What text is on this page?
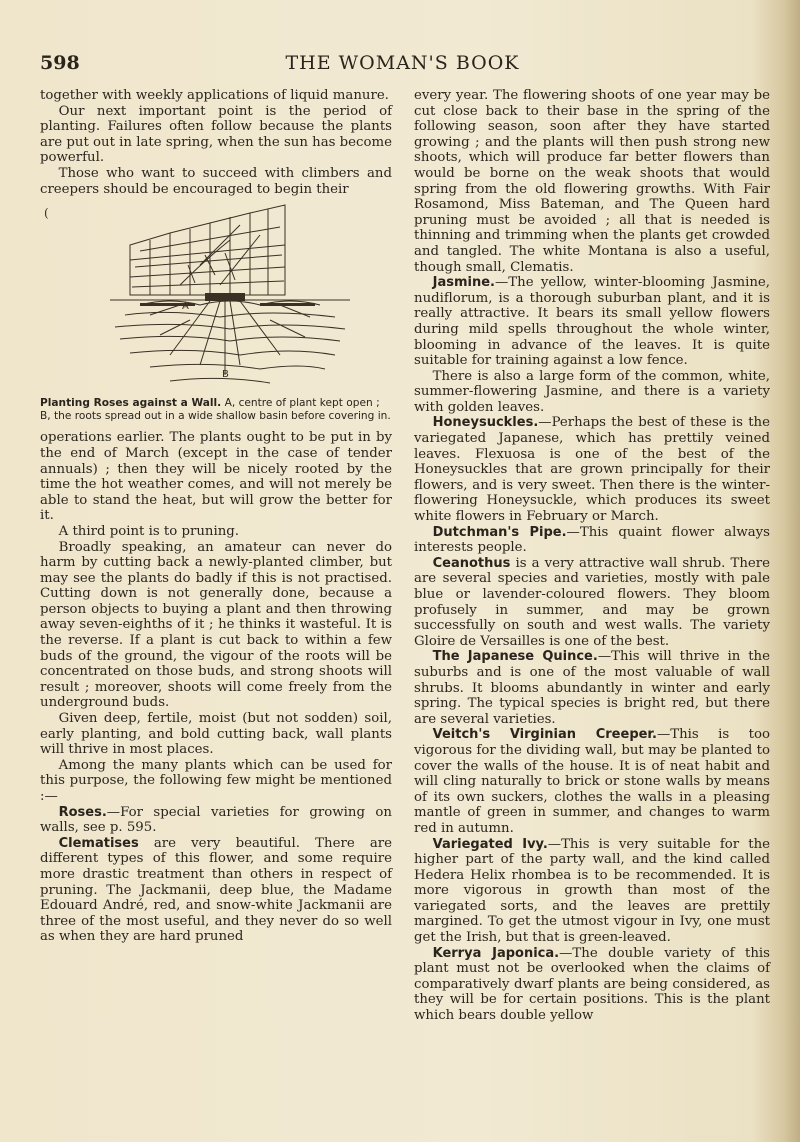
598	THE WOMAN'S BOOK

together with weekly applications of liquid manure.

Our next important point is the period of planting. Failures often follow because the plants are put out in late spring, when the sun has become powerful.

Those who want to succeed with climbers and creepers should be encouraged to begin their

(
B
A
Planting Roses against a Wall. A, centre of plant kept open ; B, the roots spread out in a wide shallow basin before covering in.

operations earlier. The plants ought to be put in by the end of March (except in the case of tender annuals) ; then they will be nicely rooted by the time the hot weather comes, and will not merely be able to stand the heat, but will grow the better for it.

A third point is to pruning.

Broadly speaking, an amateur can never do harm by cutting back a newly-planted climber, but may see the plants do badly if this is not practised. Cutting down is not generally done, because a person objects to buying a plant and then throwing away seven-eighths of it ; he thinks it wasteful. It is the reverse. If a plant is cut back to within a few buds of the ground, the vigour of the roots will be concentrated on those buds, and strong shoots will result ; moreover, shoots will come freely from the underground buds.

Given deep, fertile, moist (but not sodden) soil, early planting, and bold cutting back, wall plants will thrive in most places.

Among the many plants which can be used for this purpose, the following few might be mentioned :—

Roses.—For special varieties for growing on walls, see p. 595.

Clematises are very beautiful. There are different types of this flower, and some require more drastic treatment than others in respect of pruning. The Jackmanii, deep blue, the Madame Edouard André, red, and snow-white Jackmanii are three of the most useful, and they never do so well as when they are hard pruned

every year. The flowering shoots of one year may be cut close back to their base in the spring of the following season, soon after they have started growing ; and the plants will then push strong new shoots, which will produce far better flowers than would be borne on the weak shoots that would spring from the old flowering growths. With Fair Rosamond, Miss Bateman, and The Queen hard pruning must be avoided ; all that is needed is thinning and trimming when the plants get crowded and tangled. The white Montana is also a useful, though small, Clematis.

Jasmine.—The yellow, winter-blooming Jasmine, nudiflorum, is a thorough suburban plant, and it is really attractive. It bears its small yellow flowers during mild spells throughout the whole winter, blooming in advance of the leaves. It is quite suitable for training against a low fence.

There is also a large form of the common, white, summer-flowering Jasmine, and there is a variety with golden leaves.

Honeysuckles.—Perhaps the best of these is the variegated Japanese, which has prettily veined leaves. Flexuosa is one of the best of the Honeysuckles that are grown principally for their flowers, and is very sweet. Then there is the winter-flowering Honeysuckle, which produces its sweet white flowers in February or March.

Dutchman's Pipe.—This quaint flower always interests people.

Ceanothus is a very attractive wall shrub. There are several species and varieties, mostly with pale blue or lavender-coloured flowers. They bloom profusely in summer, and may be grown successfully on south and west walls. The variety Gloire de Versailles is one of the best.

The Japanese Quince.—This will thrive in the suburbs and is one of the most valuable of wall shrubs. It blooms abundantly in winter and early spring. The typical species is bright red, but there are several varieties.

Veitch's Virginian Creeper.—This is too vigorous for the dividing wall, but may be planted to cover the walls of the house. It is of neat habit and will cling naturally to brick or stone walls by means of its own suckers, clothes the walls in a pleasing mantle of green in summer, and changes to warm red in autumn.

Variegated Ivy.—This is very suitable for the higher part of the party wall, and the kind called Hedera Helix rhombea is to be recommended. It is more vigorous in growth than most of the variegated sorts, and the leaves are prettily margined. To get the utmost vigour in Ivy, one must get the Irish, but that is green-leaved.

Kerrya Japonica.—The double variety of this plant must not be overlooked when the claims of comparatively dwarf plants are being considered, as they will be for certain positions. This is the plant which bears double yellow
